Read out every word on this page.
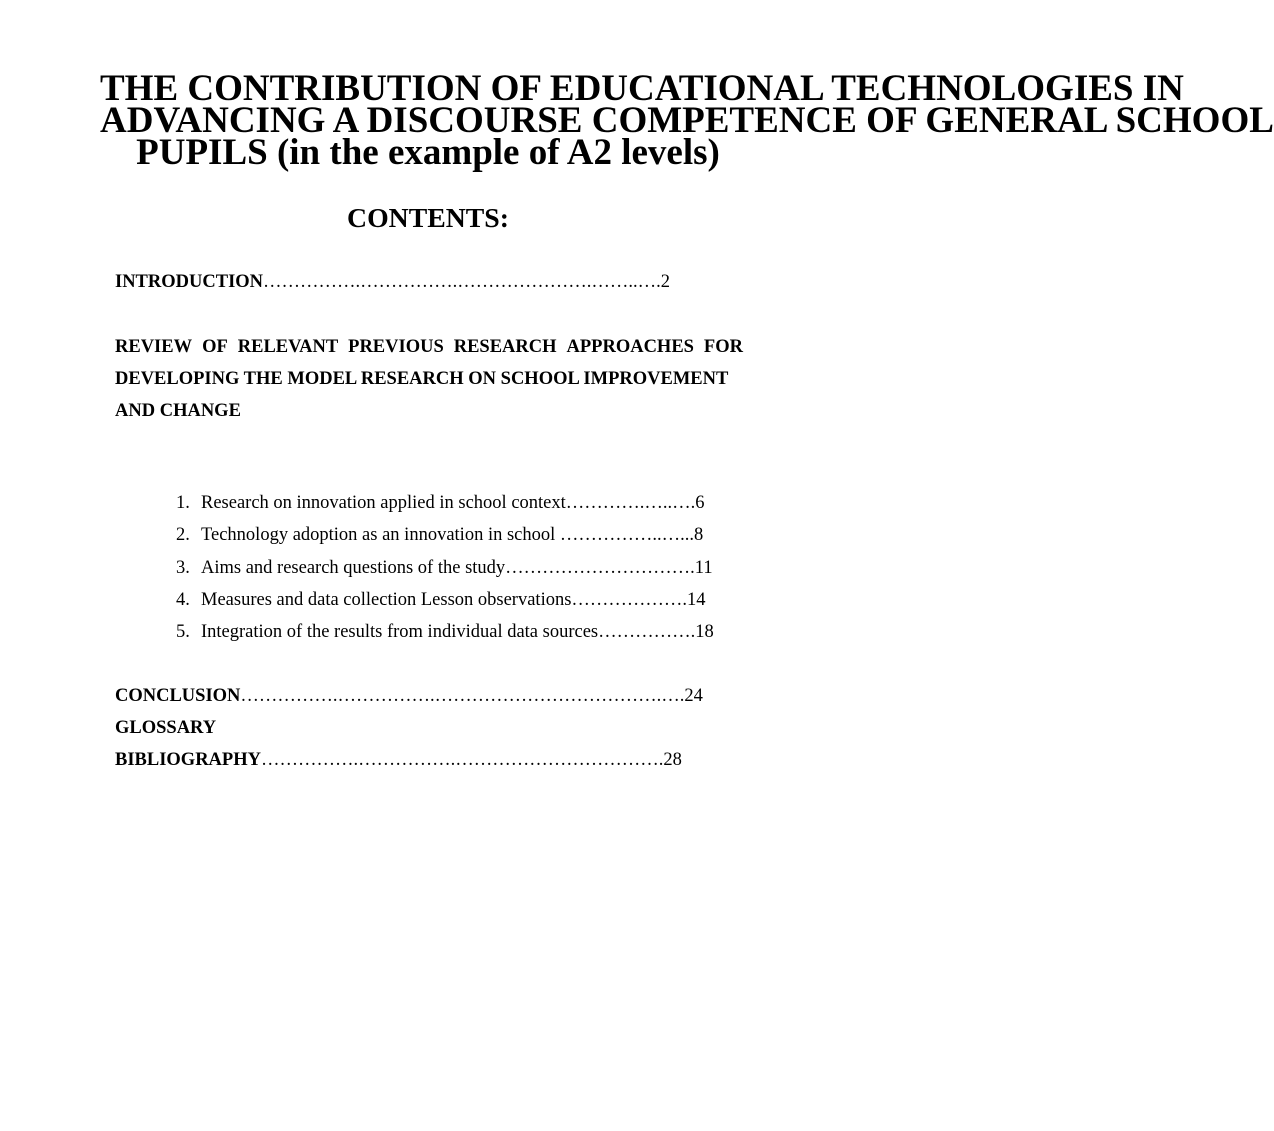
THE CONTRIBUTION OF EDUCATIONAL TECHNOLOGIES IN
ADVANCING A DISCOURSE COMPETENCE OF GENERAL SCHOOL
PUPILS (in the example of A2 levels)
CONTENTS:
INTRODUCTION…………….…………….………………….……..….2
REVIEW OF RELEVANT PREVIOUS RESEARCH APPROACHES FOR
DEVELOPING THE MODEL RESEARCH ON SCHOOL IMPROVEMENT
AND CHANGE
1. Research on innovation applied in school context………….…..….6
2. Technology adoption as an innovation in school ……………..…...8
3. Aims and research questions of the study………………………….11
4. Measures and data collection Lesson observations……………….14
5. Integration of the results from individual data sources…………….18
CONCLUSION…………….…………….……………………………….….24
GLOSSARY
BIBLIOGRAPHY…………….…………….…………………………….28
